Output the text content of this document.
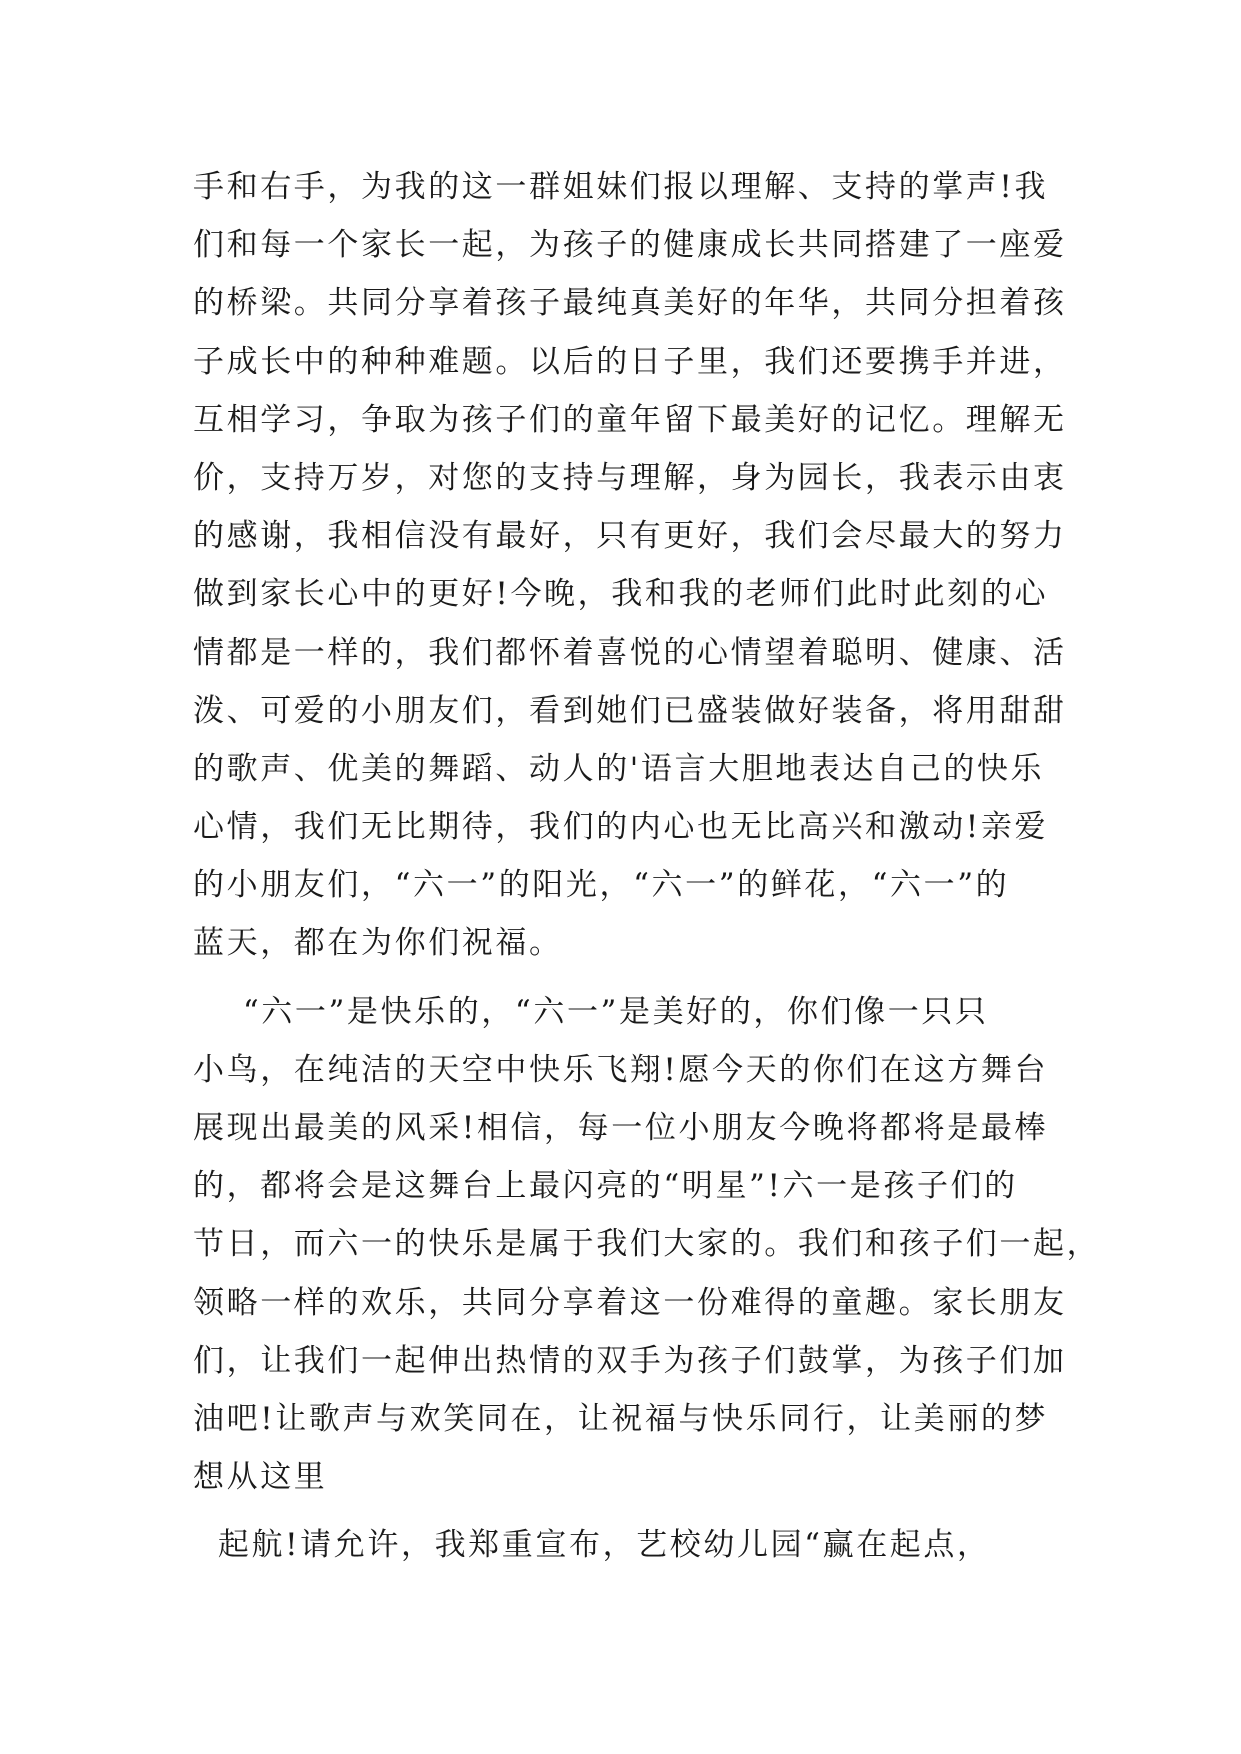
手和右手，为我的这一群姐妹们报以理解、支持的掌声!我
们和每一个家长一起，为孩子的健康成长共同搭建了一座爱
的桥梁。共同分享着孩子最纯真美好的年华，共同分担着孩
子成长中的种种难题。以后的日子里，我们还要携手并进，
互相学习，争取为孩子们的童年留下最美好的记忆。理解无
价，支持万岁，对您的支持与理解，身为园长，我表示由衷
的感谢，我相信没有最好，只有更好，我们会尽最大的努力
做到家长心中的更好!今晚，我和我的老师们此时此刻的心
情都是一样的，我们都怀着喜悦的心情望着聪明、健康、活
泼、可爱的小朋友们，看到她们已盛装做好装备，将用甜甜
的歌声、优美的舞蹈、动人的'语言大胆地表达自己的快乐
心情，我们无比期待，我们的内心也无比高兴和激动!亲爱
的小朋友们，“六一”的阳光，“六一”的鲜花，“六一”的
蓝天，都在为你们祝福。
“六一”是快乐的，“六一”是美好的，你们像一只只
小鸟，在纯洁的天空中快乐飞翔!愿今天的你们在这方舞台
展现出最美的风采!相信，每一位小朋友今晚将都将是最棒
的，都将会是这舞台上最闪亮的“明星”!六一是孩子们的
节日，而六一的快乐是属于我们大家的。我们和孩子们一起，
领略一样的欢乐，共同分享着这一份难得的童趣。家长朋友
们，让我们一起伸出热情的双手为孩子们鼓掌，为孩子们加
油吧!让歌声与欢笑同在，让祝福与快乐同行，让美丽的梦
想从这里
起航!请允许，我郑重宣布，艺校幼儿园“赢在起点，
